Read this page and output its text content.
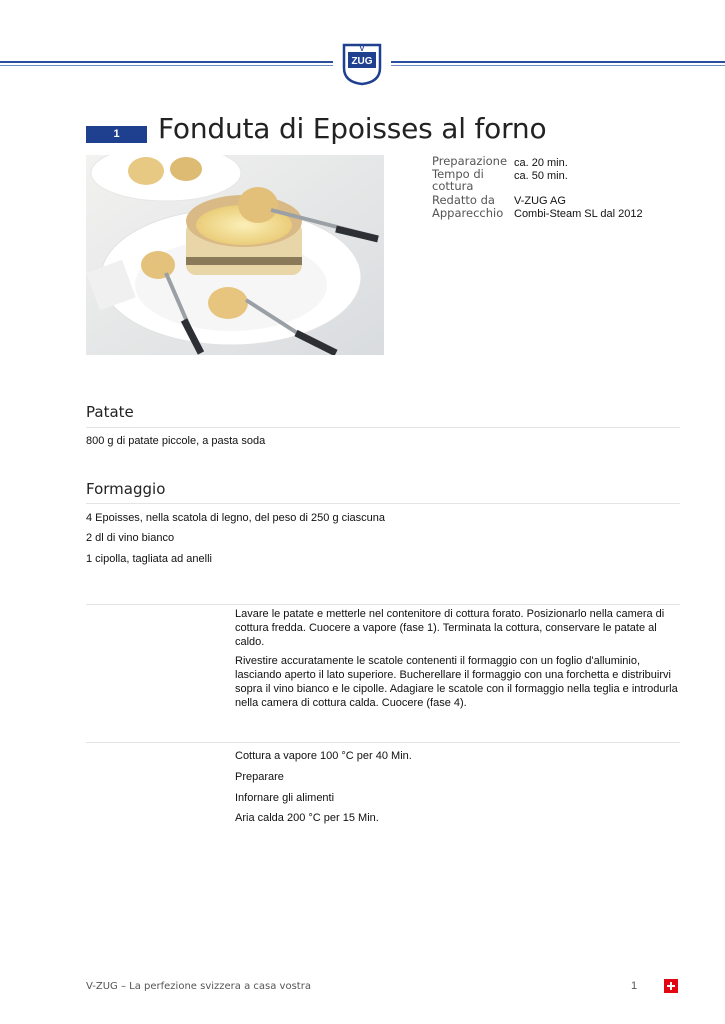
V
ZUG
1	Fonduta di Epoisses al forno
Preparazione ca. 20 min.
Tempo di cottura
ca. 50 min.
Redatto da V-ZUG AG
Apparecchio Combi-Steam SL dal 2012
Patate
800 g di patate piccole, a pasta soda
Formaggio
4 Epoisses, nella scatola di legno, del peso di 250 g ciascuna
2 dl di vino bianco
1 cipolla, tagliata ad anelli

Lavare le patate e metterle nel contenitore di cottura forato. Posizionarlo nella camera di cottura fredda. Cuocere a vapore (fase 1). Terminata la cottura, conservare le patate al caldo.

Rivestire accuratamente le scatole contenenti il formaggio con un foglio d'alluminio, lasciando aperto il lato superiore. Bucherellare il formaggio con una forchetta e distribuirvi sopra il vino bianco e le cipolle. Adagiare le scatole con il formaggio nella teglia e introdurla nella camera di cottura calda. Cuocere (fase 4).

Cottura a vapore 100 °C per 40 Min.
Preparare
Infornare gli alimenti
Aria calda 200 °C per 15 Min.
V-ZUG – La perfezione svizzera a casa vostra	1
